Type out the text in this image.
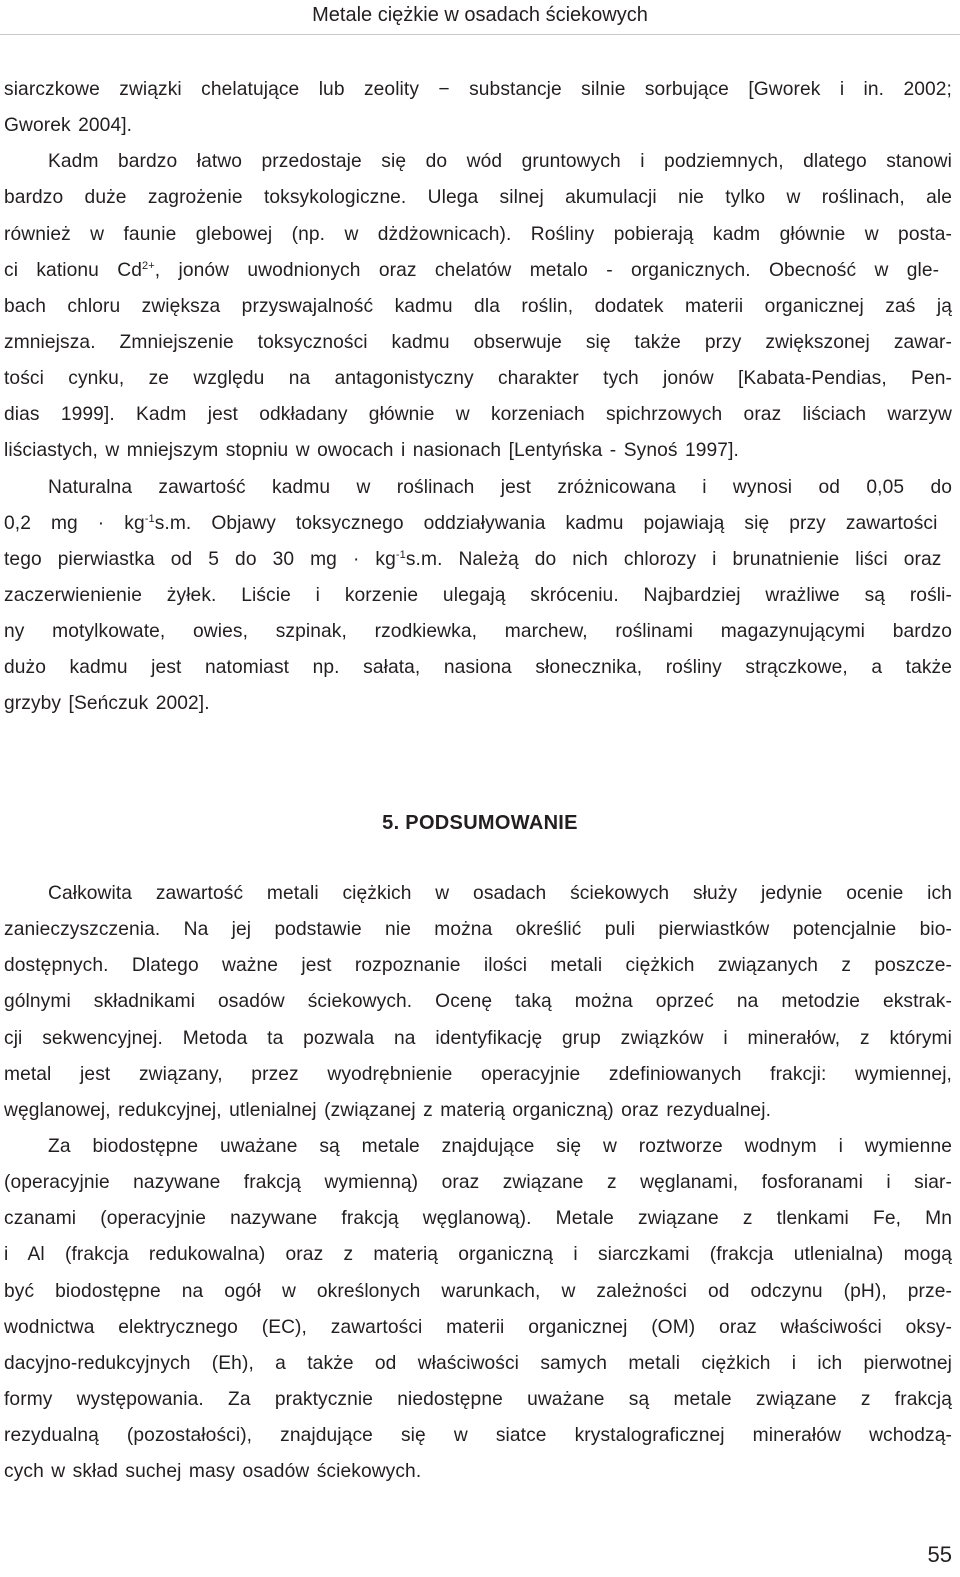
Metale ciężkie w osadach ściekowych
siarczkowe związki chelatujące lub zeolity − substancje silnie sorbujące [Gworek i in. 2002;
Gworek 2004].
Kadm bardzo łatwo przedostaje się do wód gruntowych i podziemnych, dlatego stanowi
bardzo duże zagrożenie toksykologiczne. Ulega silnej akumulacji nie tylko w roślinach, ale
również w faunie glebowej (np. w dżdżownicach). Rośliny pobierają kadm głównie w posta-
ci kationu $Cd^{2+}$, jonów uwodnionych oraz chelatów metalo - organicznych. Obecność w gle-
bach chloru zwiększa przyswajalność kadmu dla roślin, dodatek materii organicznej zaś ją
zmniejsza. Zmniejszenie toksyczności kadmu obserwuje się także przy zwiększonej zawar-
tości cynku, ze względu na antagonistyczny charakter tych jonów [Kabata-Pendias, Pen-
dias 1999]. Kadm jest odkładany głównie w korzeniach spichrzowych oraz liściach warzyw
liściastych, w mniejszym stopniu w owocach i nasionach [Lentyńska - Synoś 1997].
Naturalna zawartość kadmu w roślinach jest zróżnicowana i wynosi od 0,05 do
0,2 mg · $kg^{-1}s.m$. Objawy toksycznego oddziaływania kadmu pojawiają się przy zawartości
tego pierwiastka od 5 do 30 mg · $kg^{-1}s.m$. Należą do nich chlorozy i brunatnienie liści oraz
zaczerwienienie żyłek. Liście i korzenie ulegają skróceniu. Najbardziej wrażliwe są rośli-
ny motylkowate, owies, szpinak, rzodkiewka, marchew, roślinami magazynującymi bardzo
dużo kadmu jest natomiast np. sałata, nasiona słonecznika, rośliny strączkowe, a także
grzyby [Seńczuk 2002].
5. PODSUMOWANIE
Całkowita zawartość metali ciężkich w osadach ściekowych służy jedynie ocenie ich
zanieczyszczenia. Na jej podstawie nie można określić puli pierwiastków potencjalnie bio-
dostępnych. Dlatego ważne jest rozpoznanie ilości metali ciężkich związanych z poszcze-
gólnymi składnikami osadów ściekowych. Ocenę taką można oprzeć na metodzie ekstrak-
cji sekwencyjnej. Metoda ta pozwala na identyfikację grup związków i minerałów, z którymi
metal jest związany, przez wyodrębnienie operacyjnie zdefiniowanych frakcji: wymiennej,
węglanowej, redukcyjnej, utlenialnej (związanej z materią organiczną) oraz rezydualnej.
Za biodostępne uważane są metale znajdujące się w roztworze wodnym i wymienne
(operacyjnie nazywane frakcją wymienną) oraz związane z węglanami, fosforanami i siar-
czanami (operacyjnie nazywane frakcją węglanową). Metale związane z tlenkami Fe, Mn
i Al (frakcja redukowalna) oraz z materią organiczną i siarczkami (frakcja utlenialna) mogą
być biodostępne na ogół w określonych warunkach, w zależności od odczynu (pH), prze-
wodnictwa elektrycznego (EC), zawartości materii organicznej (OM) oraz właściwości oksy-
dacyjno-redukcyjnych (Eh), a także od właściwości samych metali ciężkich i ich pierwotnej
formy występowania. Za praktycznie niedostępne uważane są metale związane z frakcją
rezydualną (pozostałości), znajdujące się w siatce krystalograficznej minerałów wchodzą-
cych w skład suchej masy osadów ściekowych.
55
